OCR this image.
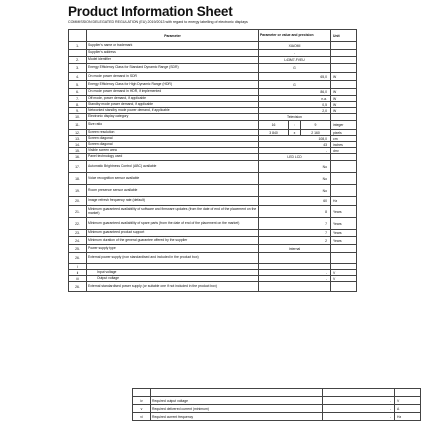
Product Information Sheet
COMMISSION DELEGATED REGULATION (EU) 2019/2013 with regard to energy labelling of electronic displays
	Parameter	Parameter or value and precision			Unit
1.	Supplier's name or trademark	XIAOMI			
	Supplier's address	-			
2.	Model identifier	L43M7-FVEU			
3.	Energy Efficiency Class for Standard Dynamic Range (SDR)	G			
4.	On mode power demand in SDR	65,0			W
5.	Energy Efficiency Class for High Dynamic Range (HDR)	G			
6.	On mode power demand in HDR, if implemented	86,0			W
7.	Off mode, power demand, if applicable	n.a.			W
8.	Standby mode power demand, if applicable	0,5			W
9.	Networked standby mode power demand, if applicable	2,0			W
10.	Electronic display category	Television			
11.	Size ratio	16	:	9	integer
12.	Screen resolution	3 840	x	2 160	pixels
13.	Screen diagonal	108,0			cm
14.	Screen diagonal	43			inches
15.	Visible screen area	-			dm²
16.	Panel technology used	LED LCD			
17.	Automatic Brightness Control (ABC) available	No			
18.	Voice recognition sensor available	No			
19.	Room presence sensor available	No			
20.	Image refresh frequency rate (default)	60			Hz
21.	Minimum guaranteed availability of software and firmware updates (from the date of end of the placement on the market)	8			Years
22.	Minimum guaranteed availability of spare parts (from the date of end of the placement on the market)	7			Years
23.	Minimum guaranteed product support	7			Years
24.	Minimum duration of the general guarantee offered by the supplier	2			Years
25.	Power supply type	Internal			
26.	External power supply (non standardised and included in the product box)				
i					
ii	Input voltage	-			V
iii	Output voltage	-			V
26.	External standardised power supply (or suitable one if not included in the product box)				

iv	Required output voltage	-	V
v	Required delivered current (minimum)	-	A
vi	Required current frequency	-	Hz
